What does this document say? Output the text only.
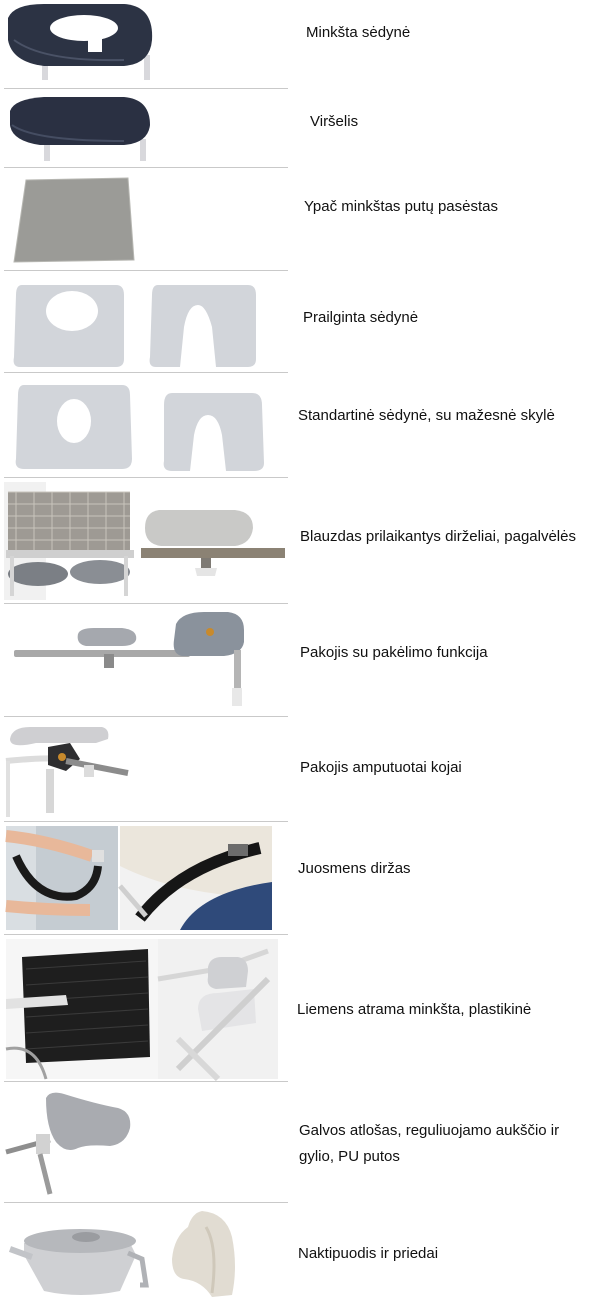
Minkšta sėdynė
Viršelis
Ypač minkštas putų pasėstas
Prailginta sėdynė
Standartinė sėdynė, su mažesnė skylė
Blauzdas prilaikantys dirželiai, pagalvėlės
Pakojis su pakėlimo funkcija
Pakojis amputuotai kojai
Juosmens diržas
Liemens atrama minkšta, plastikinė
Galvos atlošas, reguliuojamo aukščio ir gylio, PU putos
Naktipuodis ir priedai
